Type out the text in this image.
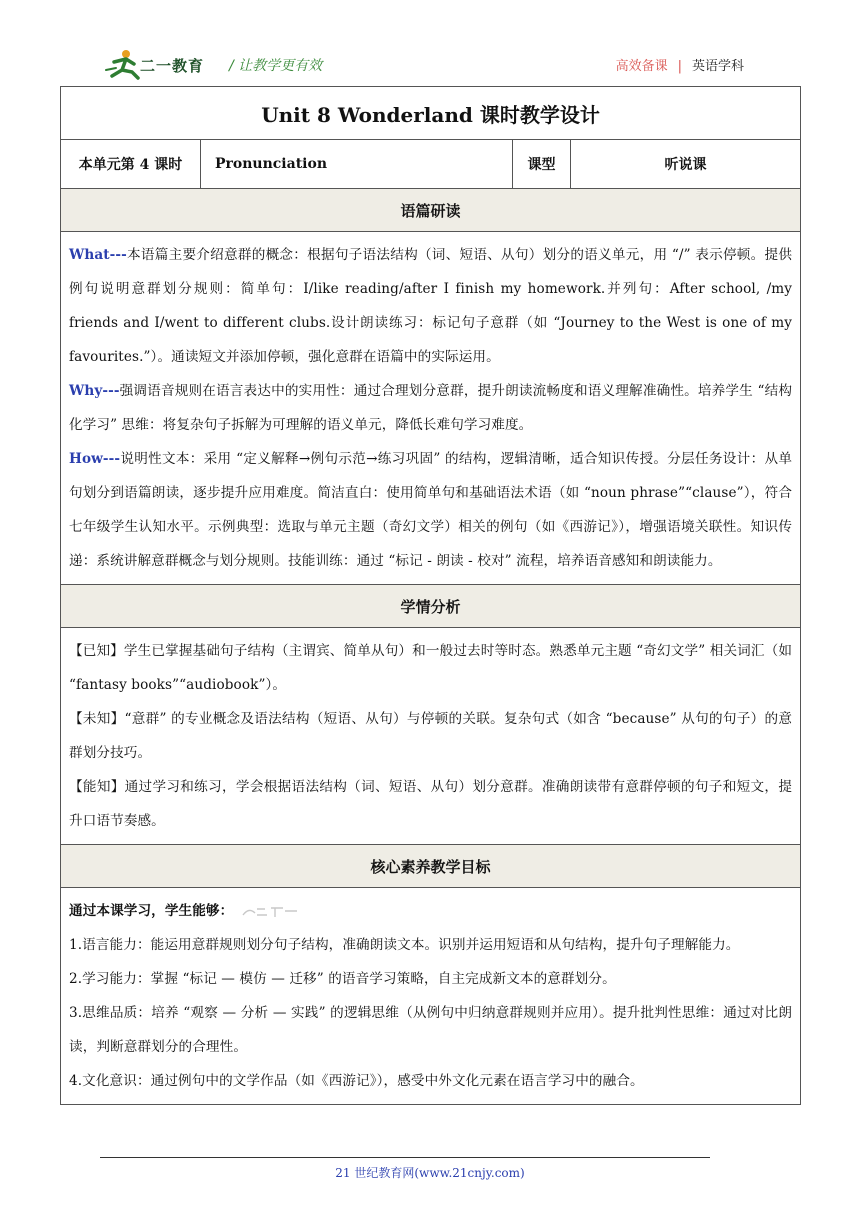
二一教育 / 让教学更有效	高效备课 | 英语学科
Unit 8 Wonderland 课时教学设计
本单元第 4 课时	Pronunciation	课型	听说课
语篇研读

What---本语篇主要介绍意群的概念：根据句子语法结构（词、短语、从句）划分的语义单元，用 “/” 表示停顿。提供例句说明意群划分规则：简单句：I/like reading/after I finish my homework.并列句：After school, /my friends and I/went to different clubs.设计朗读练习：标记句子意群（如 “Journey to the West is one of my favourites.”）。通读短文并添加停顿，强化意群在语篇中的实际运用。

Why---强调语音规则在语言表达中的实用性：通过合理划分意群，提升朗读流畅度和语义理解准确性。培养学生 “结构化学习” 思维：将复杂句子拆解为可理解的语义单元，降低长难句学习难度。

How---说明性文本：采用 “定义解释→例句示范→练习巩固” 的结构，逻辑清晰，适合知识传授。分层任务设计：从单句划分到语篇朗读，逐步提升应用难度。简洁直白：使用简单句和基础语法术语（如 “noun phrase”“clause”），符合七年级学生认知水平。示例典型：选取与单元主题（奇幻文学）相关的例句（如《西游记》），增强语境关联性。知识传递：系统讲解意群概念与划分规则。技能训练：通过 “标记 - 朗读 - 校对” 流程，培养语音感知和朗读能力。

学情分析

【已知】学生已掌握基础句子结构（主谓宾、简单从句）和一般过去时等时态。熟悉单元主题 “奇幻文学” 相关词汇（如 “fantasy books”“audiobook”）。

【未知】“意群” 的专业概念及语法结构（短语、从句）与停顿的关联。复杂句式（如含 “because” 从句的句子）的意群划分技巧。

【能知】通过学习和练习，学会根据语法结构（词、短语、从句）划分意群。准确朗读带有意群停顿的句子和短文，提升口语节奏感。

核心素养教学目标

通过本课学习，学生能够：

1.语言能力：能运用意群规则划分句子结构，准确朗读文本。识别并运用短语和从句结构，提升句子理解能力。

2.学习能力：掌握 “标记 — 模仿 — 迁移” 的语音学习策略，自主完成新文本的意群划分。

3.思维品质：培养 “观察 — 分析 — 实践” 的逻辑思维（从例句中归纳意群规则并应用）。提升批判性思维：通过对比朗读，判断意群划分的合理性。

4.文化意识：通过例句中的文学作品（如《西游记》），感受中外文化元素在语言学习中的融合。

21 世纪教育网(www.21cnjy.com)
